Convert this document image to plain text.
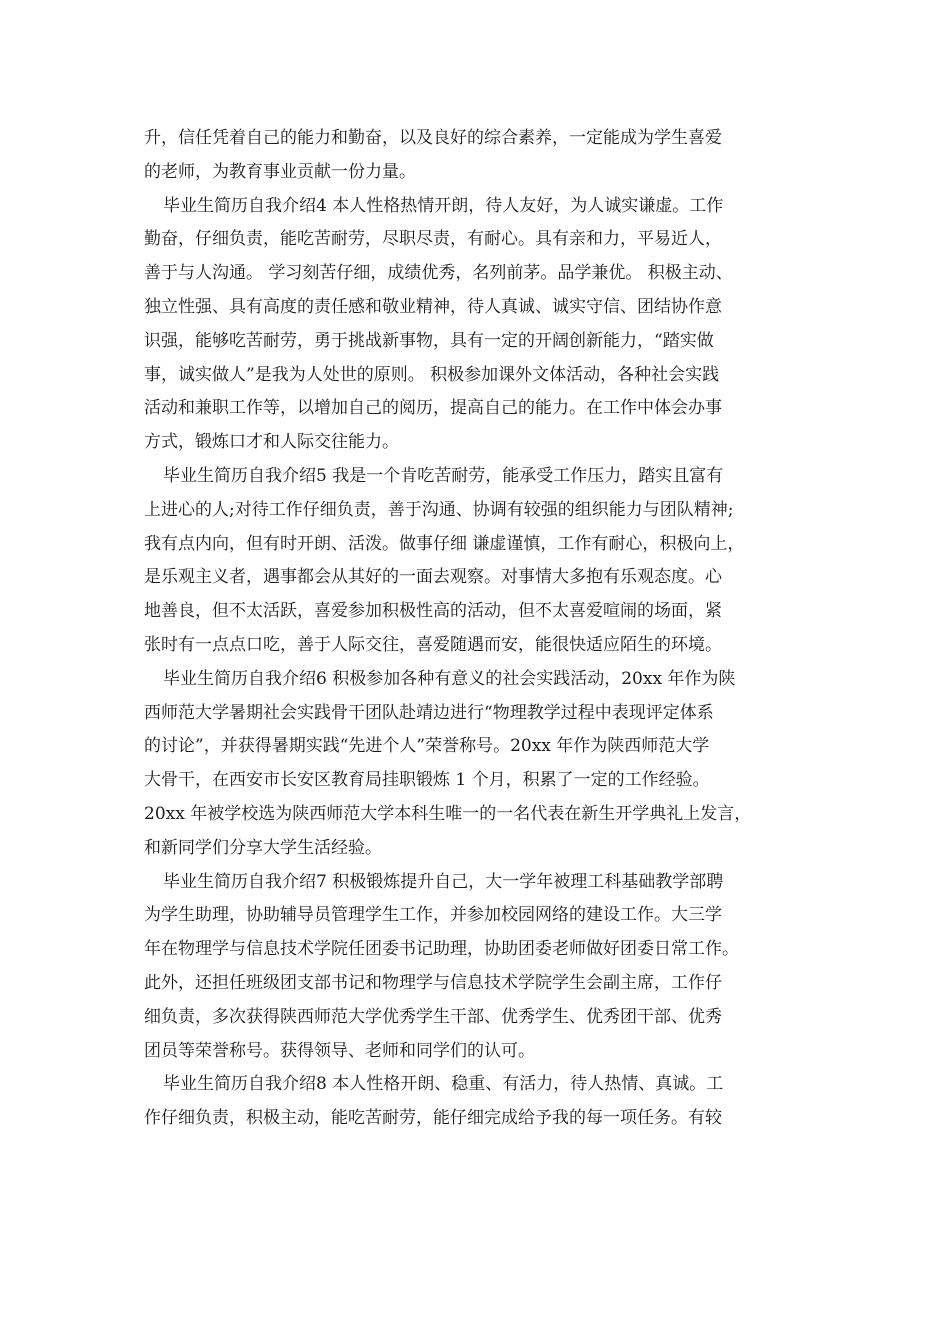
升，信任凭着自己的能力和勤奋，以及良好的综合素养，一定能成为学生喜爱
的老师，为教育事业贡献一份力量。
毕业生简历自我介绍4 本人性格热情开朗，待人友好，为人诚实谦虚。工作
勤奋，仔细负责，能吃苦耐劳，尽职尽责，有耐心。具有亲和力，平易近人，
善于与人沟通。 学习刻苦仔细，成绩优秀，名列前茅。品学兼优。 积极主动、
独立性强、具有高度的责任感和敬业精神，待人真诚、诚实守信、团结协作意
识强，能够吃苦耐劳，勇于挑战新事物，具有一定的开阔创新能力，“踏实做
事，诚实做人”是我为人处世的原则。 积极参加课外文体活动，各种社会实践
活动和兼职工作等，以增加自己的阅历，提高自己的能力。在工作中体会办事
方式，锻炼口才和人际交往能力。
毕业生简历自我介绍5 我是一个肯吃苦耐劳，能承受工作压力，踏实且富有
上进心的人;对待工作仔细负责，善于沟通、协调有较强的组织能力与团队精神;
我有点内向，但有时开朗、活泼。做事仔细 谦虚谨慎，工作有耐心，积极向上，
是乐观主义者，遇事都会从其好的一面去观察。对事情大多抱有乐观态度。心
地善良，但不太活跃，喜爱参加积极性高的活动，但不太喜爱喧闹的场面，紧
张时有一点点口吃，善于人际交往，喜爱随遇而安，能很快适应陌生的环境。
毕业生简历自我介绍6 积极参加各种有意义的社会实践活动，20xx 年作为陕
西师范大学暑期社会实践骨干团队赴靖边进行“物理教学过程中表现评定体系
的讨论”，并获得暑期实践“先进个人”荣誉称号。20xx 年作为陕西师范大学
大骨干，在西安市长安区教育局挂职锻炼 1 个月，积累了一定的工作经验。
20xx 年被学校选为陕西师范大学本科生唯一的一名代表在新生开学典礼上发言，
和新同学们分享大学生活经验。
毕业生简历自我介绍7 积极锻炼提升自己，大一学年被理工科基础教学部聘
为学生助理，协助辅导员管理学生工作，并参加校园网络的建设工作。大三学
年在物理学与信息技术学院任团委书记助理，协助团委老师做好团委日常工作。
此外，还担任班级团支部书记和物理学与信息技术学院学生会副主席，工作仔
细负责，多次获得陕西师范大学优秀学生干部、优秀学生、优秀团干部、优秀
团员等荣誉称号。获得领导、老师和同学们的认可。
毕业生简历自我介绍8 本人性格开朗、稳重、有活力，待人热情、真诚。工
作仔细负责，积极主动，能吃苦耐劳，能仔细完成给予我的每一项任务。有较
